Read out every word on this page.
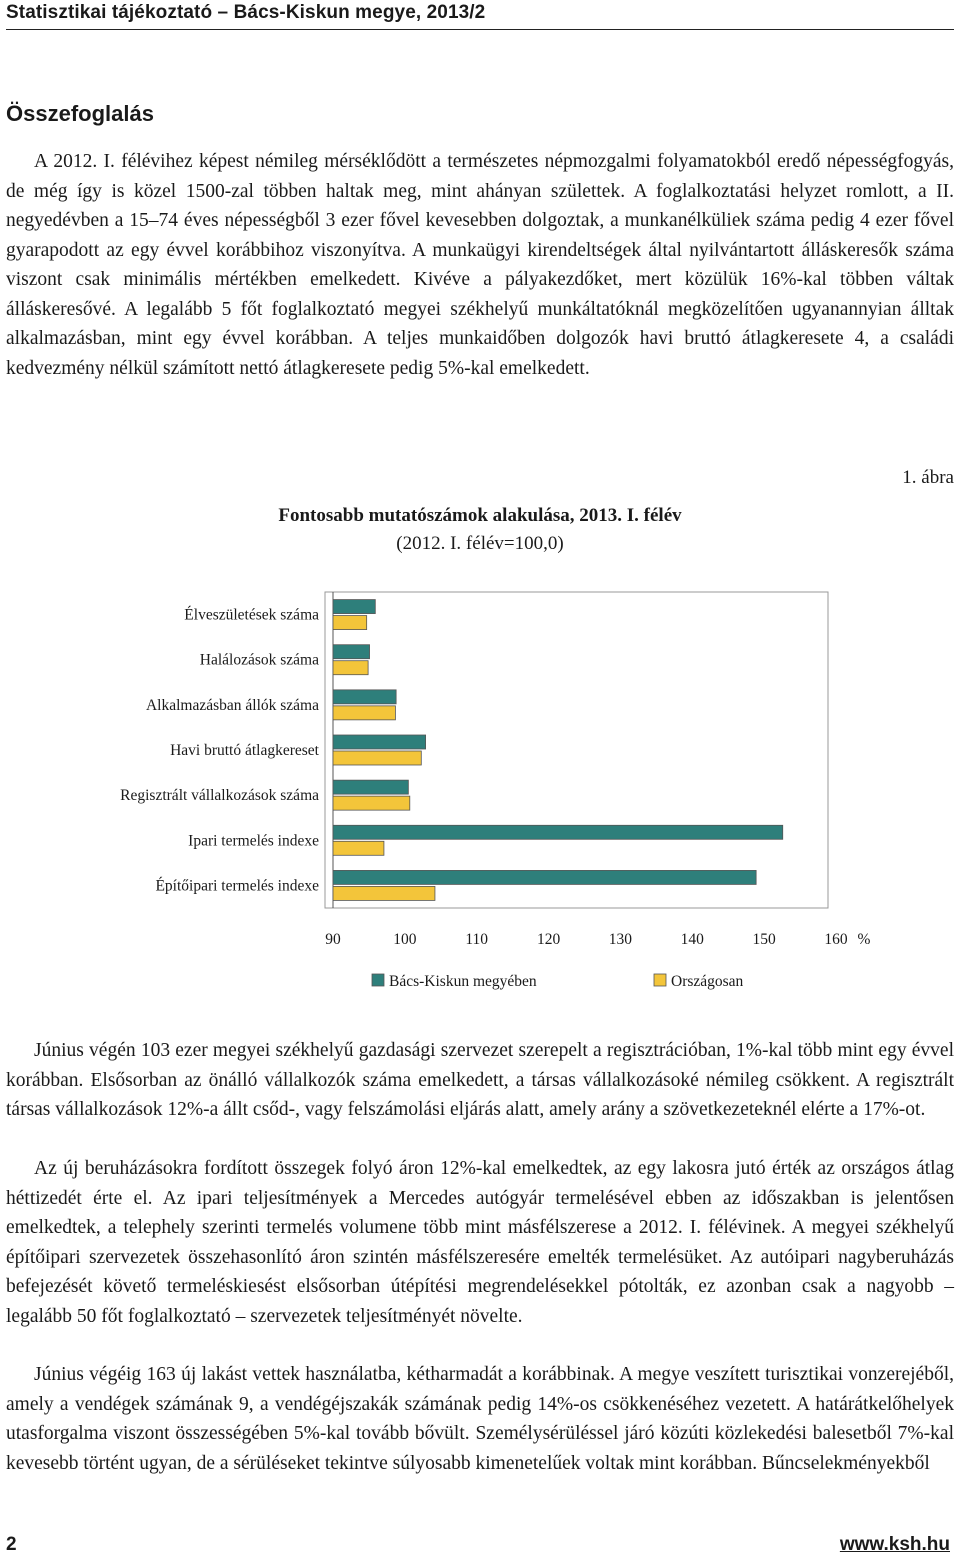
Statisztikai tájékoztató – Bács-Kiskun megye, 2013/2
Összefoglalás

A 2012. I. félévihez képest némileg mérséklődött a természetes népmozgalmi folyamatokból eredő népességfogyás, de még így is közel 1500-zal többen haltak meg, mint ahányan születtek. A foglalkoztatási helyzet romlott, a II. negyedévben a 15–74 éves népességből 3 ezer fővel kevesebben dolgoztak, a munkanélküliek száma pedig 4 ezer fővel gyarapodott az egy évvel korábbihoz viszonyítva. A munkaügyi kirendeltségek által nyilvántartott álláskeresők száma viszont csak minimális mértékben emelkedett. Kivéve a pályakezdőket, mert közülük 16%-kal többen váltak álláskeresővé. A legalább 5 főt foglalkoztató megyei székhelyű munkáltatóknál megközelítően ugyanannyian álltak alkalmazásban, mint egy évvel korábban. A teljes munkaidőben dolgozók havi bruttó átlagkeresete 4, a családi kedvezmény nélkül számított nettó átlagkeresete pedig 5%-kal emelkedett.

1. ábra
Fontosabb mutatószámok alakulása, 2013. I. félév
(2012. I. félév=100,0)
Élveszületések száma
Halálozások száma
Alkalmazásban állók száma
Havi bruttó átlagkereset
Regisztrált vállalkozások száma
Ipari termelés indexe
Építőipari termelés indexe
90	100	110	120	130	140	150	160 %
Bács-Kiskun megyében	Országosan

Június végén 103 ezer megyei székhelyű gazdasági szervezet szerepelt a regisztrációban, 1%-kal több mint egy évvel korábban. Elsősorban az önálló vállalkozók száma emelkedett, a társas vállalkozásoké némileg csökkent. A regisztrált társas vállalkozások 12%-a állt csőd-, vagy felszámolási eljárás alatt, amely arány a szövetkezeteknél elérte a 17%-ot.

Az új beruházásokra fordított összegek folyó áron 12%-kal emelkedtek, az egy lakosra jutó érték az országos átlag héttizedét érte el. Az ipari teljesítmények a Mercedes autógyár termelésével ebben az időszakban is jelentősen emelkedtek, a telephely szerinti termelés volumene több mint másfélszerese a 2012. I. félévinek. A megyei székhelyű építőipari szervezetek összehasonlító áron szintén másfélszeresére emelték termelésüket. Az autóipari nagyberuházás befejezését követő termeléskiesést elsősorban útépítési megrendelésekkel pótolták, ez azonban csak a nagyobb – legalább 50 főt foglalkoztató – szervezetek teljesítményét növelte.

Június végéig 163 új lakást vettek használatba, kétharmadát a korábbinak. A megye veszített turisztikai vonzerejéből, amely a vendégek számának 9, a vendégéjszakák számának pedig 14%-os csökkenéséhez vezetett. A határátkelőhelyek utasforgalma viszont összességében 5%-kal tovább bővült. Személysérüléssel járó közúti közlekedési balesetből 7%-kal kevesebb történt ugyan, de a sérüléseket tekintve súlyosabb kimenetelűek voltak mint korábban. Bűncselekményekből

2	www.ksh.hu
